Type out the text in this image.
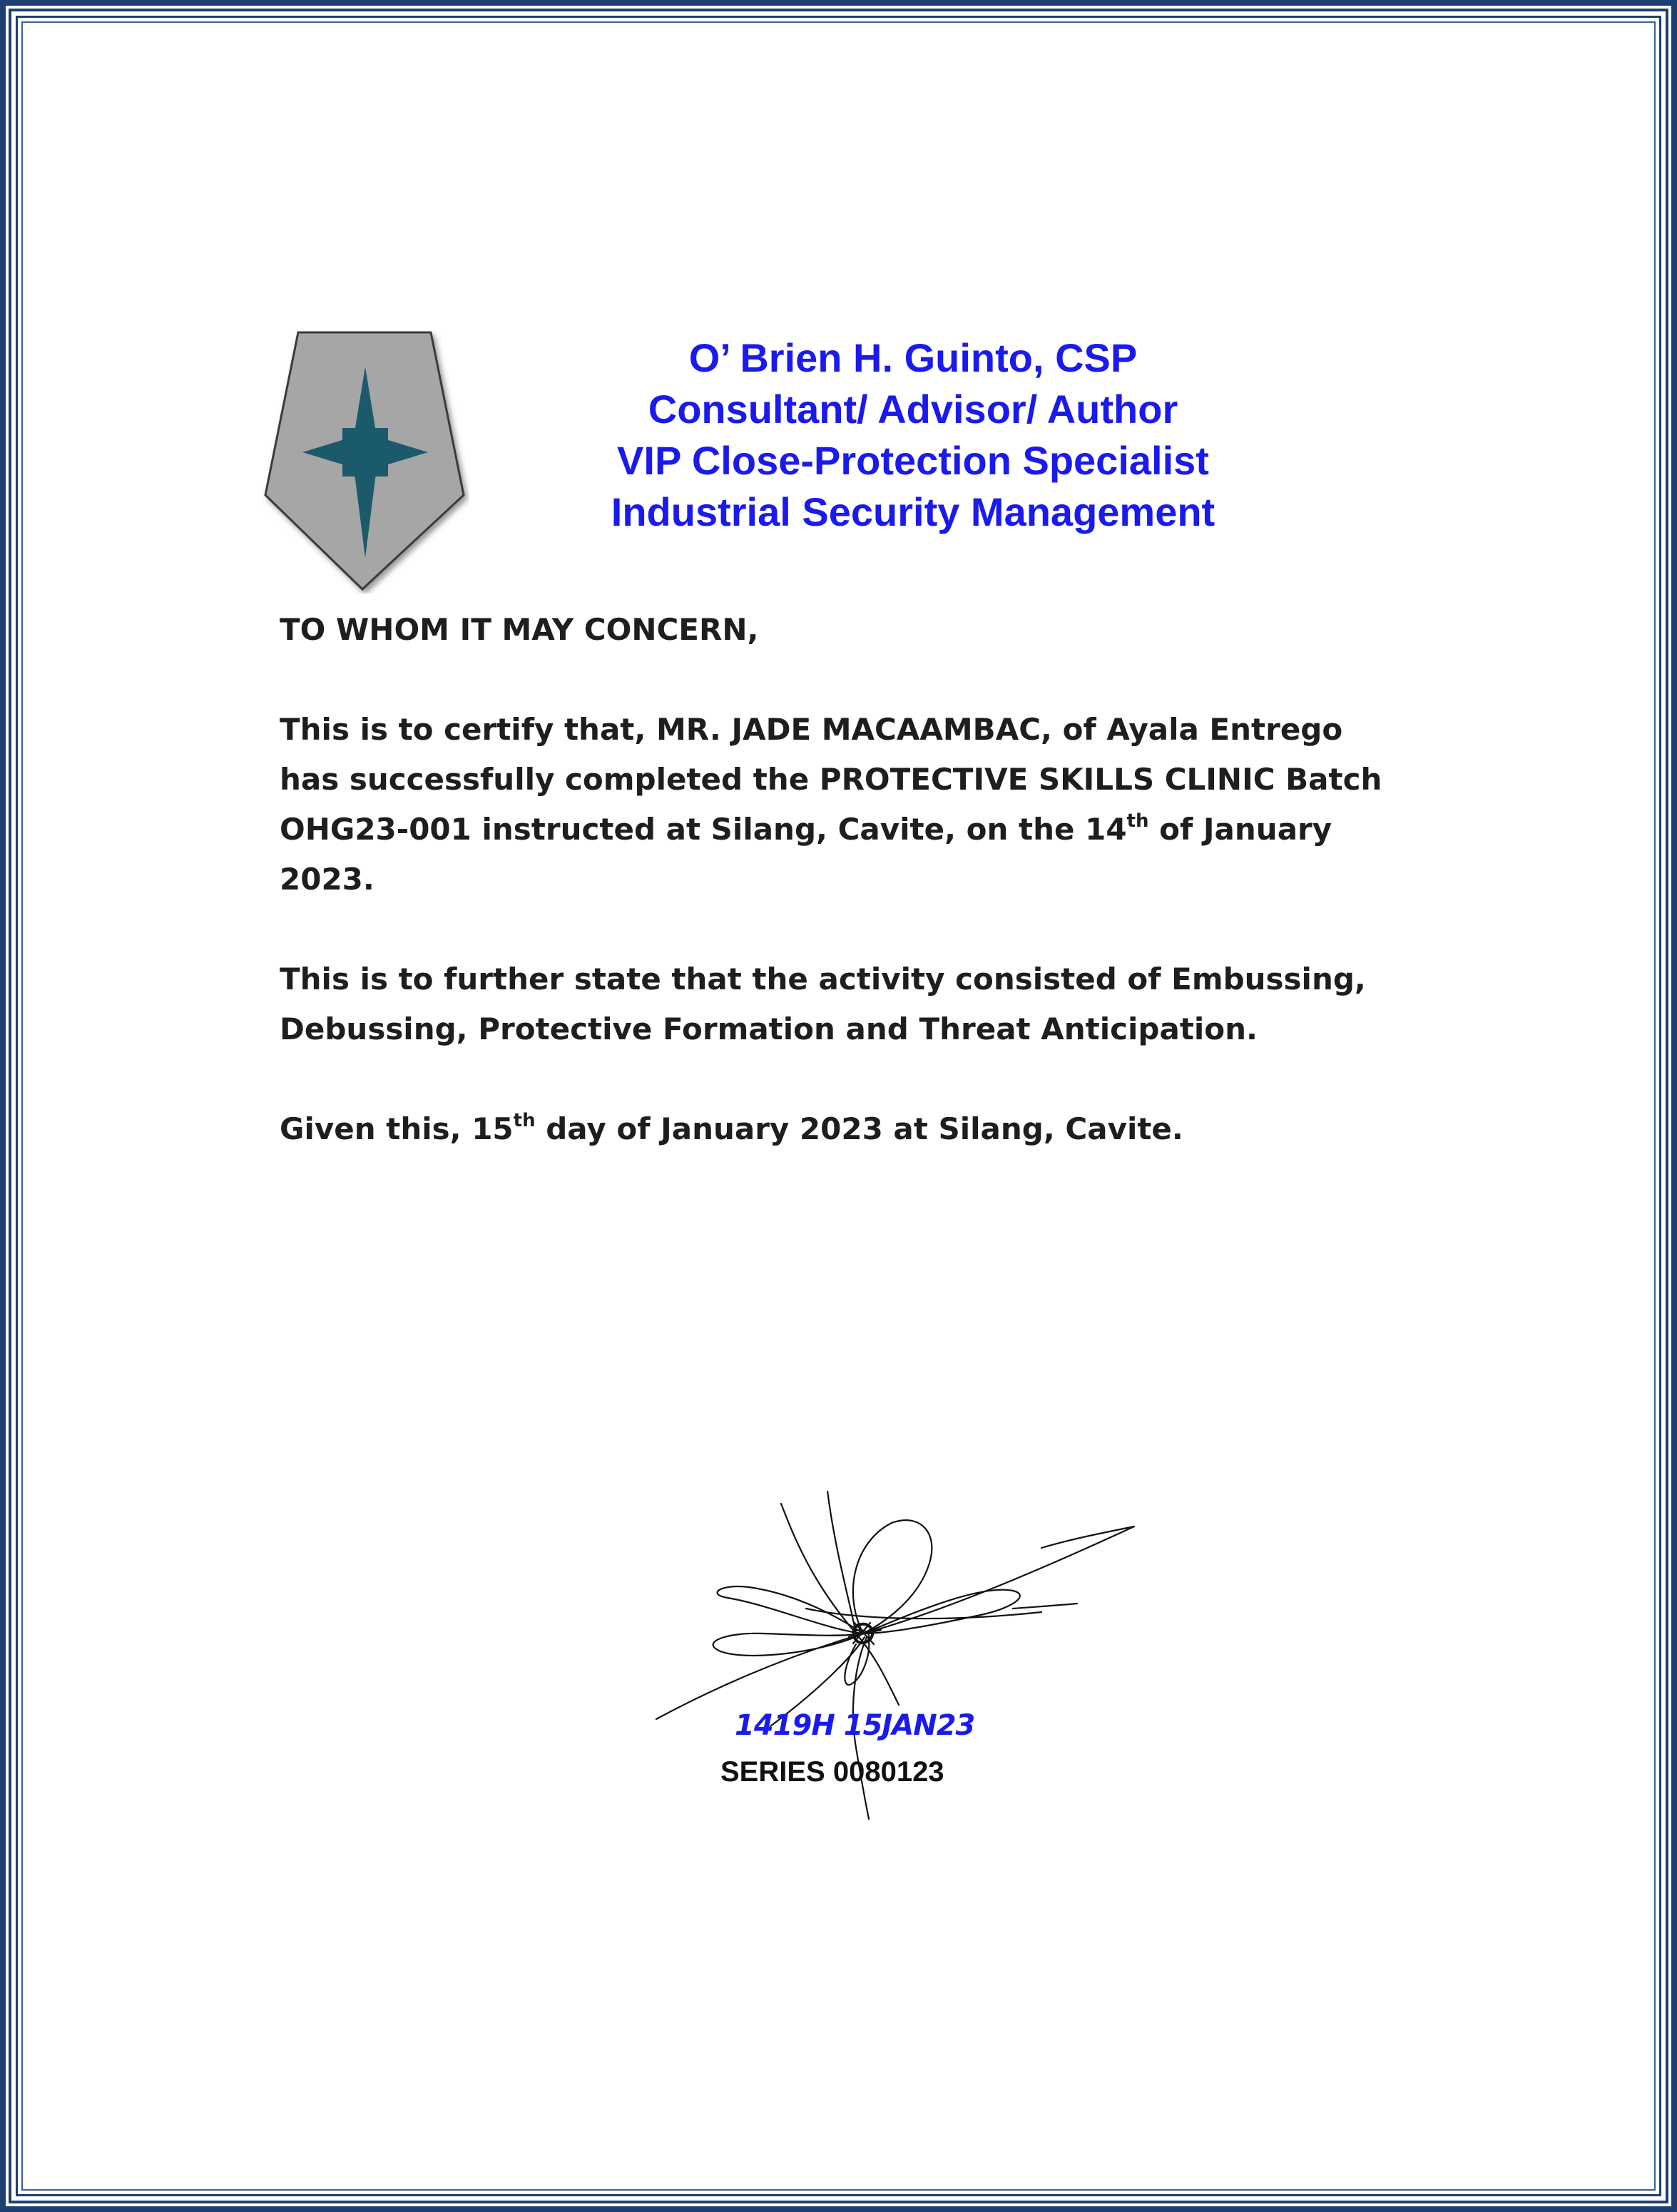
O’ Brien H. Guinto, CSP
Consultant/ Advisor/ Author
VIP Close-Protection Specialist
Industrial Security Management

TO WHOM IT MAY CONCERN,

This is to certify that, MR. JADE MACAAMBAC, of Ayala Entrego
has successfully completed the PROTECTIVE SKILLS CLINIC Batch
OHG23-001 instructed at Silang, Cavite, on the 14th of January
2023.

This is to further state that the activity consisted of Embussing,
Debussing, Protective Formation and Threat Anticipation.

Given this, 15th day of January 2023 at Silang, Cavite.

1419H 15JAN23
SERIES 0080123
